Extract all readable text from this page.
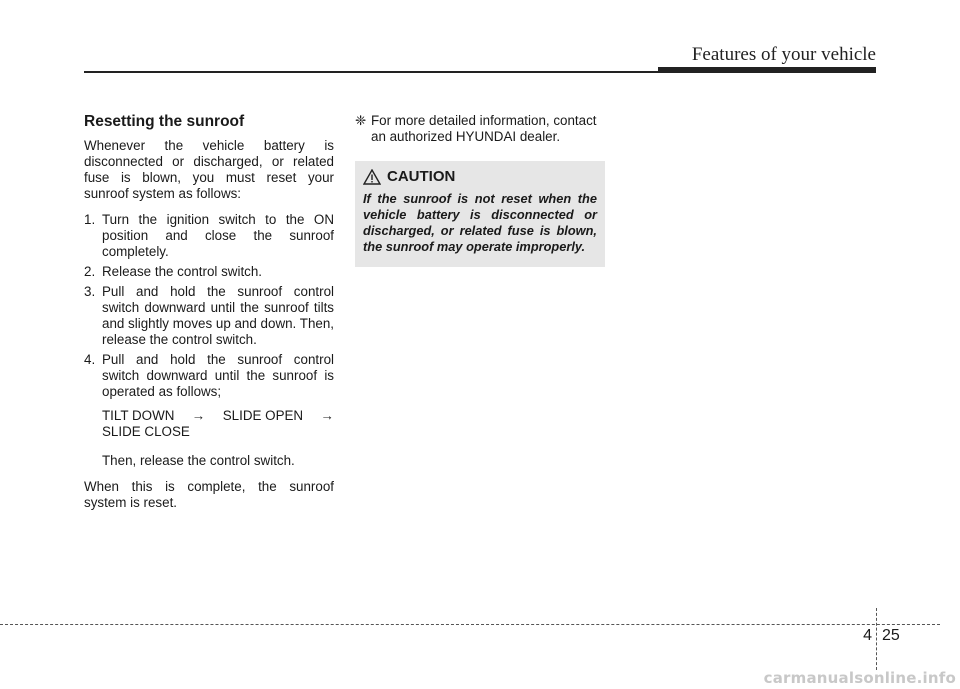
Features of your vehicle
Resetting the sunroof

Whenever the vehicle battery is disconnected or discharged, or related fuse is blown, you must reset your sunroof system as follows:

1. Turn the ignition switch to the ON position and close the sunroof completely.
2. Release the control switch.
3. Pull and hold the sunroof control switch downward until the sunroof tilts and slightly moves up and down. Then, release the control switch.
4. Pull and hold the sunroof control switch downward until the sunroof is operated as follows;
TILT DOWN → SLIDE OPEN →
SLIDE CLOSE
Then, release the control switch.

When this is complete, the sunroof system is reset.

❈ For more detailed information, contact an authorized HYUNDAI dealer.
CAUTION
If the sunroof is not reset when the vehicle battery is disconnected or discharged, or related fuse is blown, the sunroof may operate improperly.
4 25
carmanualsonline.info
